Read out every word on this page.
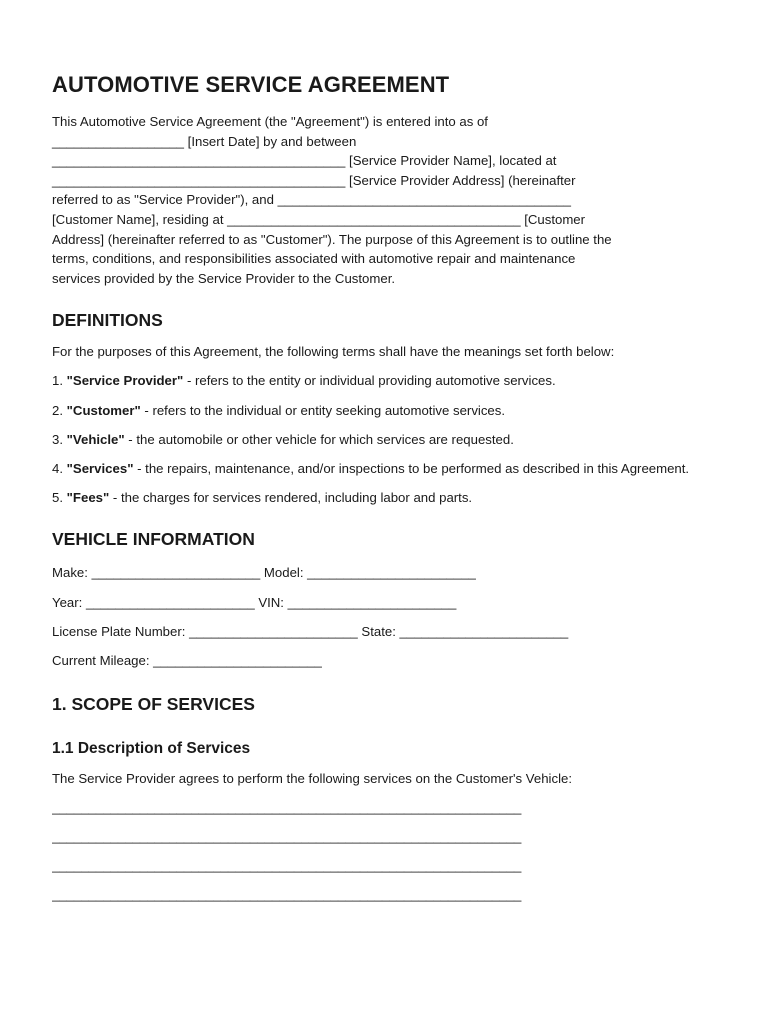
AUTOMOTIVE SERVICE AGREEMENT

This Automotive Service Agreement (the "Agreement") is entered into as of
__________________ [Insert Date] by and between
________________________________________ [Service Provider Name], located at
________________________________________ [Service Provider Address] (hereinafter
referred to as "Service Provider"), and ________________________________________
[Customer Name], residing at ________________________________________ [Customer
Address] (hereinafter referred to as "Customer"). The purpose of this Agreement is to outline the
terms, conditions, and responsibilities associated with automotive repair and maintenance
services provided by the Service Provider to the Customer.

DEFINITIONS

For the purposes of this Agreement, the following terms shall have the meanings set forth below:

1. "Service Provider" - refers to the entity or individual providing automotive services.

2. "Customer" - refers to the individual or entity seeking automotive services.

3. "Vehicle" - the automobile or other vehicle for which services are requested.

4. "Services" - the repairs, maintenance, and/or inspections to be performed as described in this Agreement.

5. "Fees" - the charges for services rendered, including labor and parts.

VEHICLE INFORMATION

Make: _______________________ Model: _______________________

Year: _______________________ VIN: _______________________

License Plate Number: _______________________ State: _______________________

Current Mileage: _______________________

1. SCOPE OF SERVICES
1.1 Description of Services

The Service Provider agrees to perform the following services on the Customer's Vehicle:

________________________________________________________________

________________________________________________________________

________________________________________________________________

________________________________________________________________
